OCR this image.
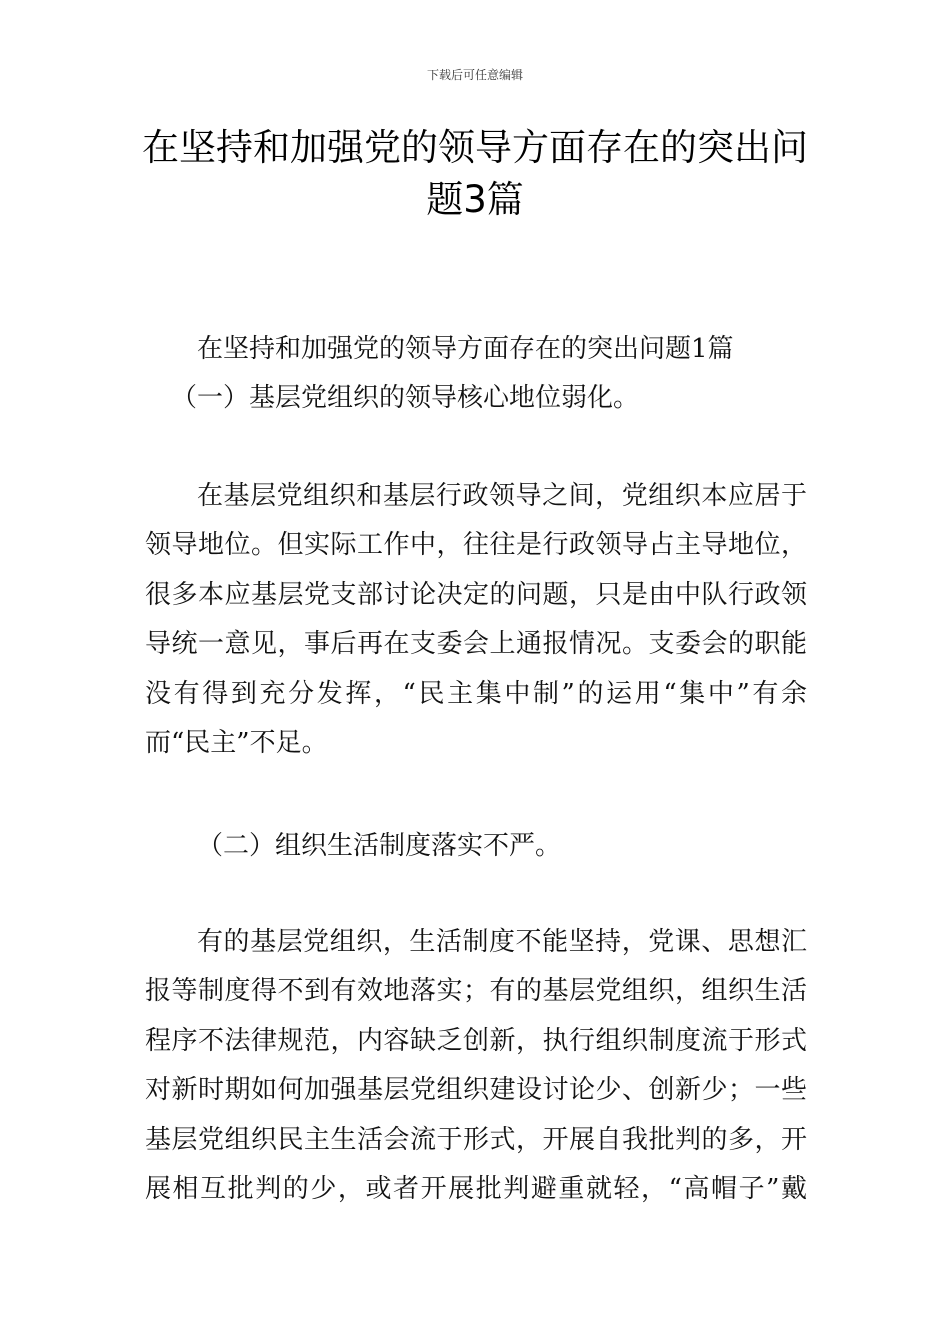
下载后可任意编辑
在坚持和加强党的领导方面存在的突出问
题3篇
在坚持和加强党的领导方面存在的突出问题1篇
（一）基层党组织的领导核心地位弱化。
在基层党组织和基层行政领导之间，党组织本应居于
领导地位。但实际工作中，往往是行政领导占主导地位，
很多本应基层党支部讨论决定的问题，只是由中队行政领
导统一意见，事后再在支委会上通报情况。支委会的职能
没有得到充分发挥，“民主集中制”的运用“集中”有余
而“民主”不足。
（二）组织生活制度落实不严。
有的基层党组织，生活制度不能坚持，党课、思想汇
报等制度得不到有效地落实；有的基层党组织，组织生活
程序不法律规范，内容缺乏创新，执行组织制度流于形式
对新时期如何加强基层党组织建设讨论少、创新少；一些
基层党组织民主生活会流于形式，开展自我批判的多，开
展相互批判的少，或者开展批判避重就轻，“高帽子”戴
